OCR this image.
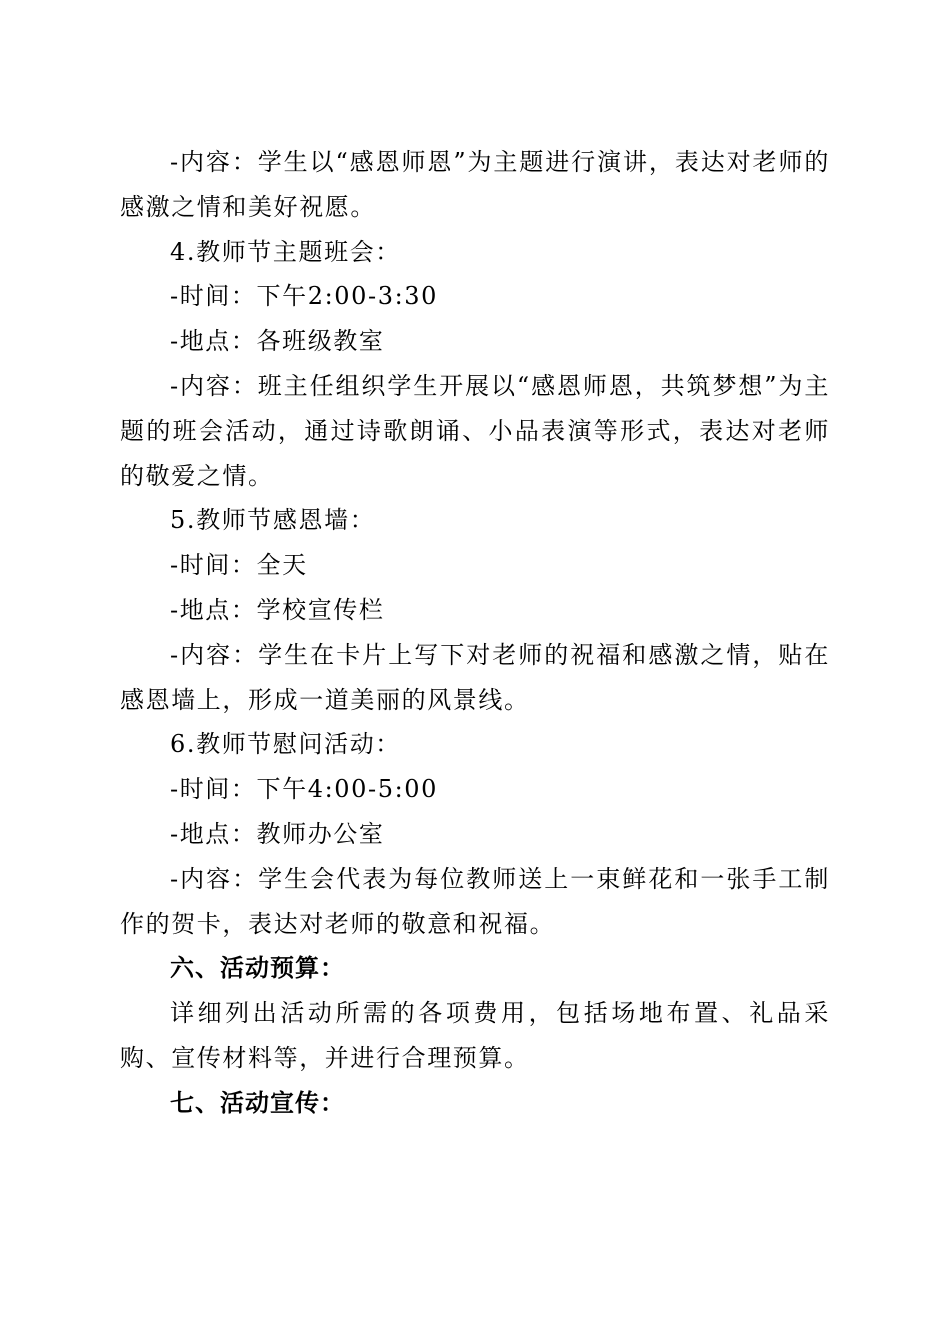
-内容：学生以“感恩师恩”为主题进行演讲，表达对老师的感激之情和美好祝愿。

4.教师节主题班会：

-时间：下午2:00-3:30

-地点：各班级教室

-内容：班主任组织学生开展以“感恩师恩，共筑梦想”为主题的班会活动，通过诗歌朗诵、小品表演等形式，表达对老师的敬爱之情。

5.教师节感恩墙：

-时间：全天

-地点：学校宣传栏

-内容：学生在卡片上写下对老师的祝福和感激之情，贴在感恩墙上，形成一道美丽的风景线。

6.教师节慰问活动：

-时间：下午4:00-5:00

-地点：教师办公室

-内容：学生会代表为每位教师送上一束鲜花和一张手工制作的贺卡，表达对老师的敬意和祝福。

六、活动预算：

详细列出活动所需的各项费用，包括场地布置、礼品采购、宣传材料等，并进行合理预算。

七、活动宣传：
